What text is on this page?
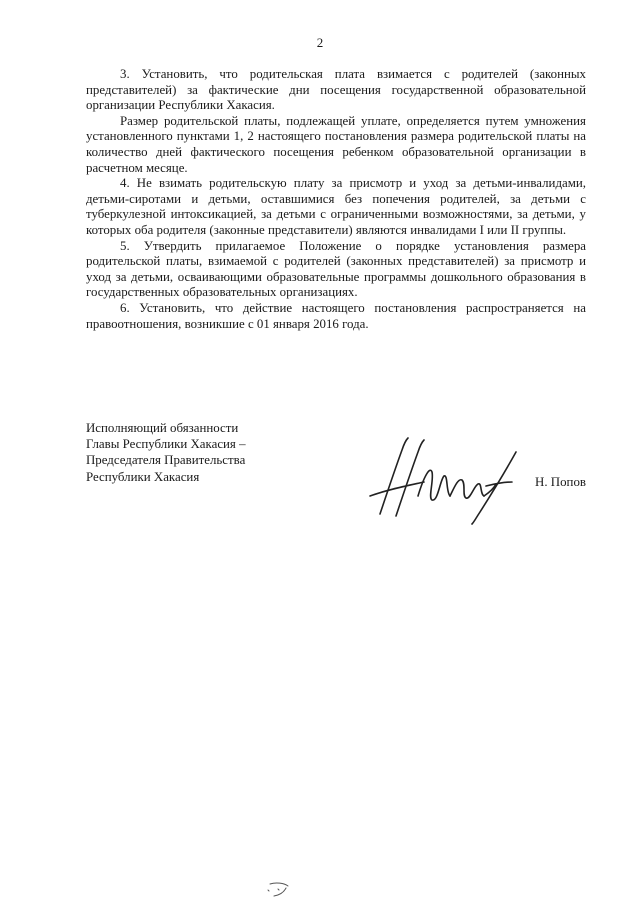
2

3. Установить, что родительская плата взимается с родителей (законных представителей) за фактические дни посещения государственной образовательной организации Республики Хакасия.

Размер родительской платы, подлежащей уплате, определяется путем умножения установленного пунктами 1, 2 настоящего постановления размера родительской платы на количество дней фактического посещения ребенком образовательной организации в расчетном месяце.

4. Не взимать родительскую плату за присмотр и уход за детьми-инвалидами, детьми-сиротами и детьми, оставшимися без попечения родителей, за детьми с туберкулезной интоксикацией, за детьми с ограниченными возможностями, за детьми, у которых оба родителя (законные представители) являются инвалидами I или II группы.

5. Утвердить прилагаемое Положение о порядке установления размера родительской платы, взимаемой с родителей (законных представителей) за присмотр и уход за детьми, осваивающими образовательные программы дошкольного образования в государственных образовательных организациях.

6. Установить, что действие настоящего постановления распространяется на правоотношения, возникшие с 01 января 2016 года.

Исполняющий обязанности
Главы Республики Хакасия –
Председателя Правительства
Республики Хакасия	Н. Попов
